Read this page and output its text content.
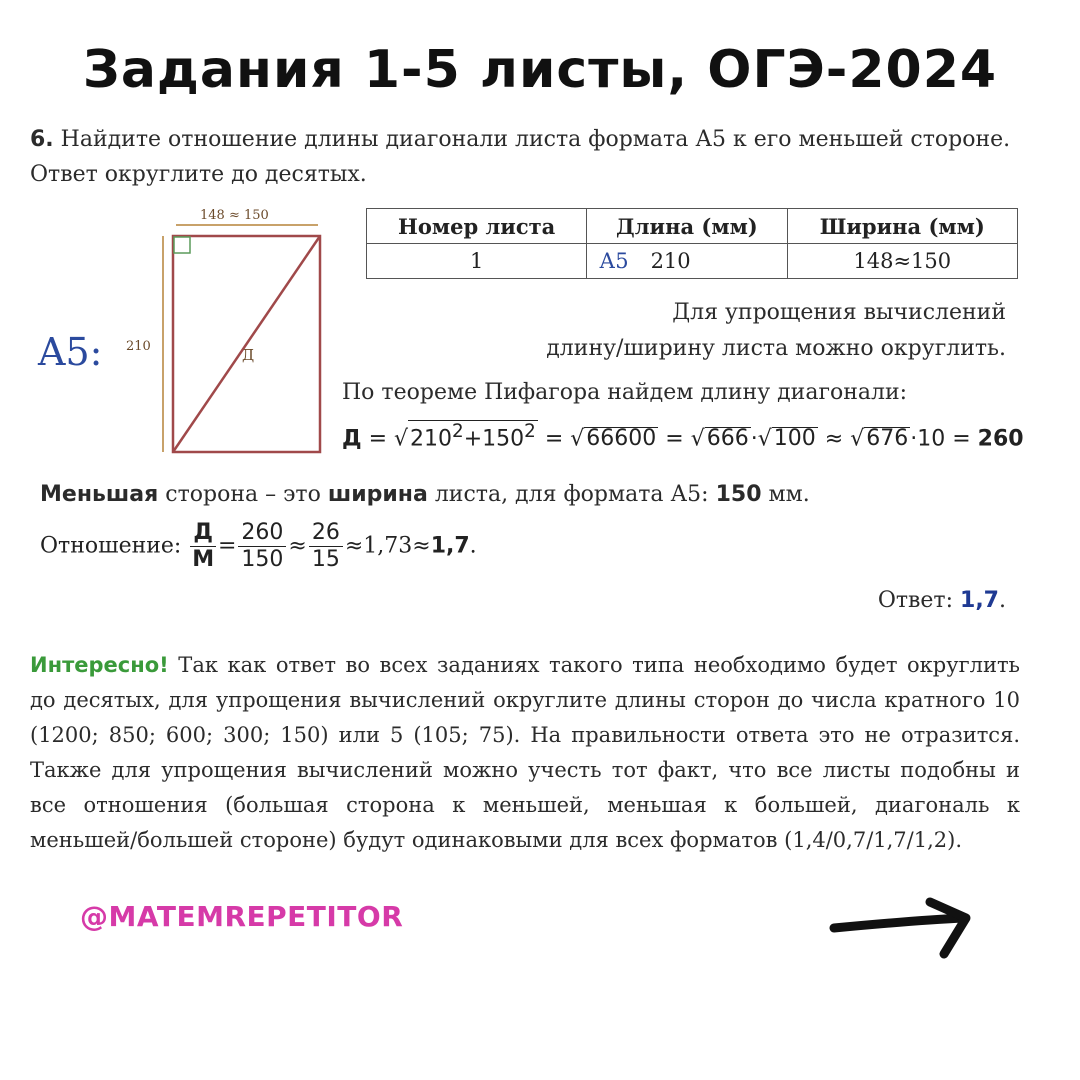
Задания 1-5 листы, ОГЭ-2024
6. Найдите отношение длины диагонали листа формата А5 к его меньшей стороне. Ответ округлите до десятых.
A5: 210
148 ≈ 150
Д
Номер листа	Длина (мм)	Ширина (мм)
1	А5 210	148≈150
Для упрощения вычислений
длину/ширину листа можно округлить.
По теореме Пифагора найдем длину диагонали:
$Д = √210^2+150^2 = √66600 = √666\cdot√100 \approx √676\cdot 10 = 260$
Меньшая сторона – это ширина листа, для формата А5: 150 мм.
Отношение: $\frac{Д}{М} = \frac{260}{150} \approx \frac{26}{15} \approx 1,73\approx 1,7$.
Ответ: 1,7.
Интересно! Так как ответ во всех заданиях такого типа необходимо будет округлить до десятых, для упрощения вычислений округлите длины сторон до числа кратного 10 (1200; 850; 600; 300; 150) или 5 (105; 75). На правильности ответа это не отразится. Также для упрощения вычислений можно учесть тот факт, что все листы подобны и все отношения (большая сторона к меньшей, меньшая к большей, диагональ к меньшей/большей стороне) будут одинаковыми для всех форматов (1,4/0,7/1,7/1,2).
@MATEMREPETITOR
